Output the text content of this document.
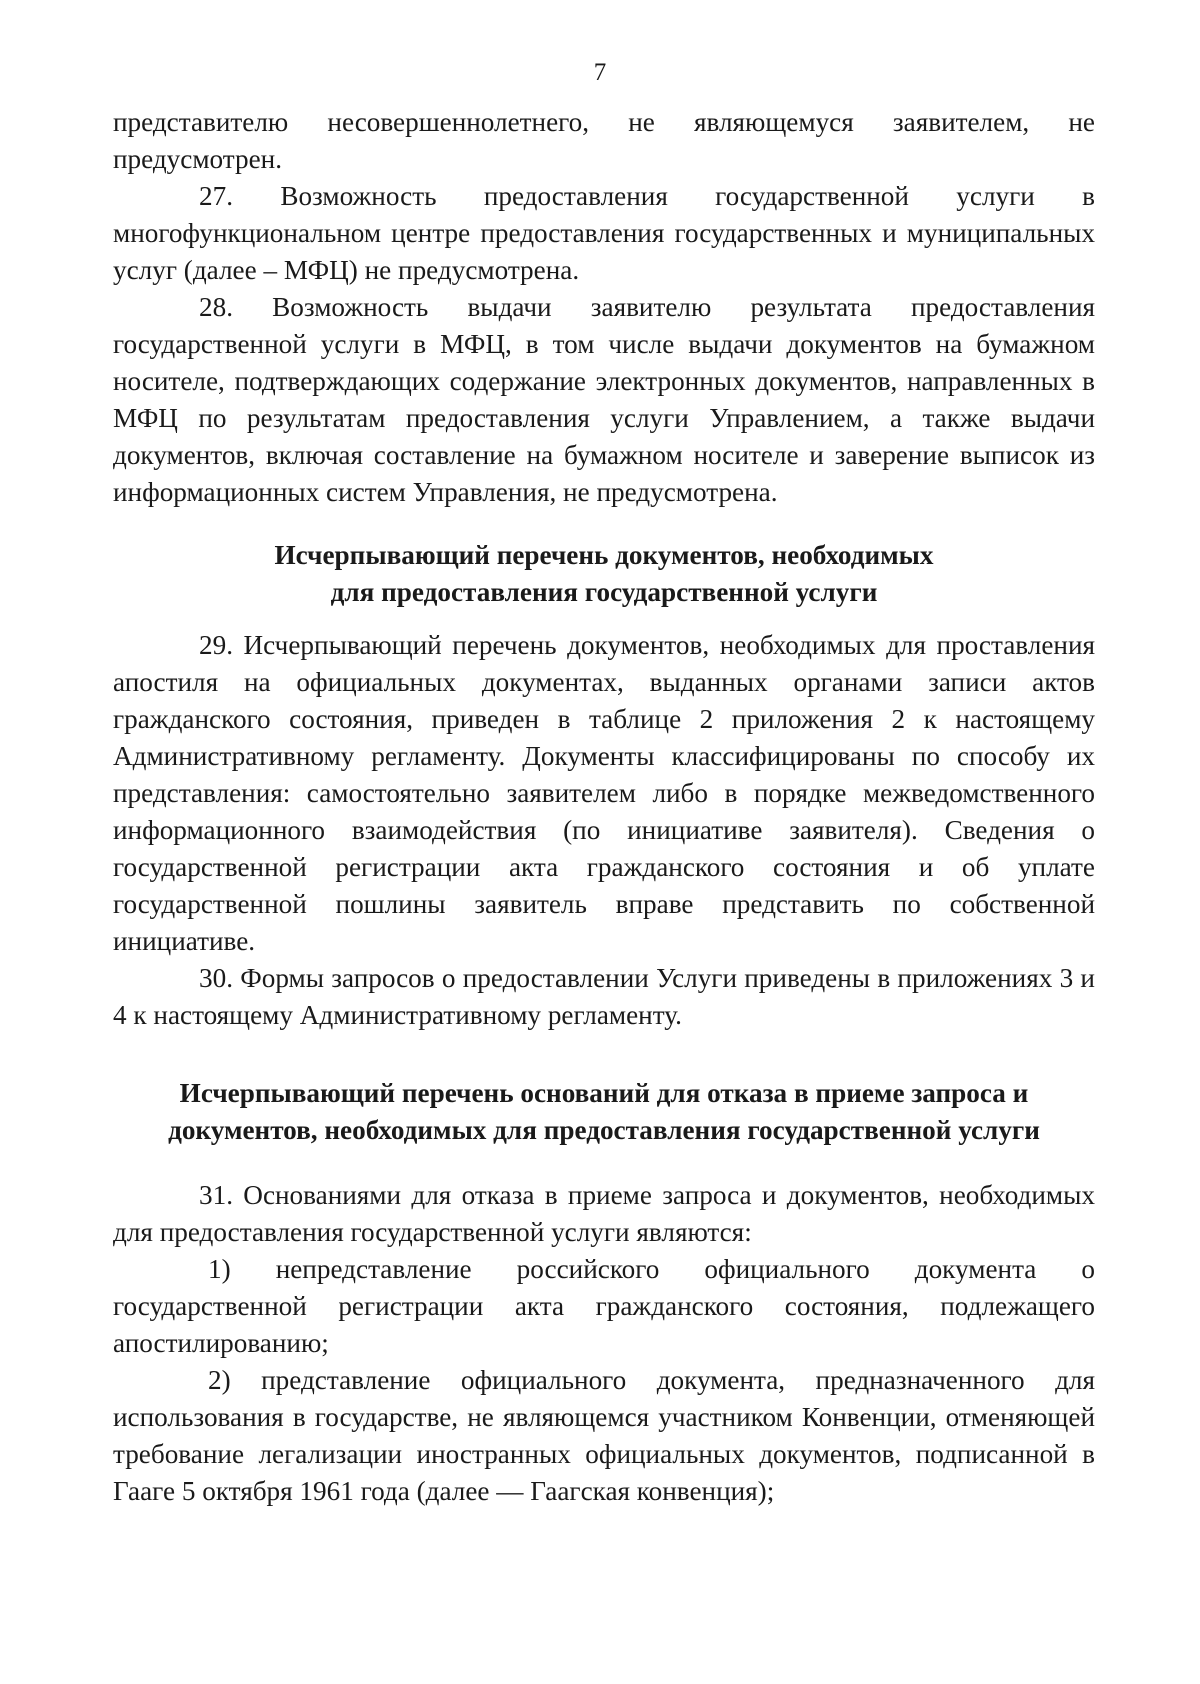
7

представителю несовершеннолетнего, не являющемуся заявителем, не предусмотрен.

27. Возможность предоставления государственной услуги в многофункциональном центре предоставления государственных и муниципальных услуг (далее – МФЦ) не предусмотрена.

28. Возможность выдачи заявителю результата предоставления государственной услуги в МФЦ, в том числе выдачи документов на бумажном носителе, подтверждающих содержание электронных документов, направленных в МФЦ по результатам предоставления услуги Управлением, а также выдачи документов, включая составление на бумажном носителе и заверение выписок из информационных систем Управления, не предусмотрена.

Исчерпывающий перечень документов, необходимых
для предоставления государственной услуги

29. Исчерпывающий перечень документов, необходимых для проставления апостиля на официальных документах, выданных органами записи актов гражданского состояния, приведен в таблице 2 приложения 2 к настоящему Административному регламенту. Документы классифицированы по способу их представления: самостоятельно заявителем либо в порядке межведомственного информационного взаимодействия (по инициативе заявителя). Сведения о государственной регистрации акта гражданского состояния и об уплате государственной пошлины заявитель вправе представить по собственной инициативе.

30. Формы запросов о предоставлении Услуги приведены в приложениях 3 и 4 к настоящему Административному регламенту.

Исчерпывающий перечень оснований для отказа в приеме запроса и
документов, необходимых для предоставления государственной услуги

31. Основаниями для отказа в приеме запроса и документов, необходимых для предоставления государственной услуги являются:

1) непредставление российского официального документа о государственной регистрации акта гражданского состояния, подлежащего апостилированию;

2) представление официального документа, предназначенного для использования в государстве, не являющемся участником Конвенции, отменяющей требование легализации иностранных официальных документов, подписанной в Гааге 5 октября 1961 года (далее — Гаагская конвенция);
